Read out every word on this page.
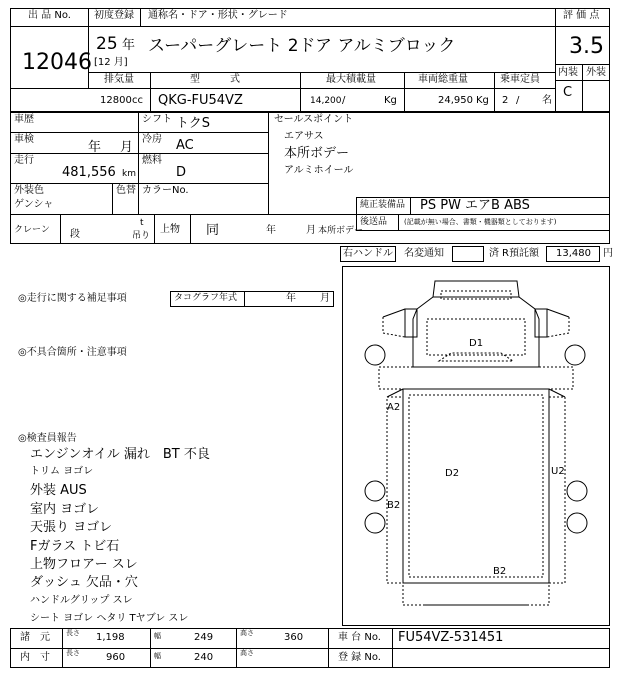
出 品 No.
12046
初度登録 通称名・ドア・形状・グレード
25 年
[12 月]
スーパーグレート 2ドア アルミブロック
評 価 点
3.5
内装 外装
C
排気量	型　　　式	最大積載量	車両総重量	乗車定員
12800 cc QKG-FU54VZ	14,200 /	Kg	24,950 Kg 2 / 名
車歴	シフト トクS
車検
年 月
冷房 AC
走行
481,556 km
燃料
D
外装色
ゲンシャ
色替 カラーNo.
セールスポイント
エアサス
本所ボデー
アルミホイール
純正装備品 PS PW エアB ABS
後送品 (記載が無い場合、書類・機器類としております)
クレーン 段
t
吊り
上物 同	年	月 本所ボデー
右ハンドル 名変通知	済 R預託額 13,480 円
◎走行に関する補足事項	タコグラフ年式	年 月
◎不具合箇所・注意事項
◎検査員報告
エンジンオイル 漏れ　BT 不良
トリム ヨゴレ
外装 AUS
室内 ヨゴレ
天張り ヨゴレ
Fガラス トビ石
上物フロアー スレ
ダッシュ 欠品・穴
ハンドルグリップ スレ
シート ヨゴレ ヘタリ Tヤブレ スレ
D1
A2
D2	U2
B2
B2
諸　元
内　寸
長さ 1,198	幅	249	高さ	360
長さ	960	幅	240	高さ
車 台 No. FU54VZ-531451
登 録 No.
